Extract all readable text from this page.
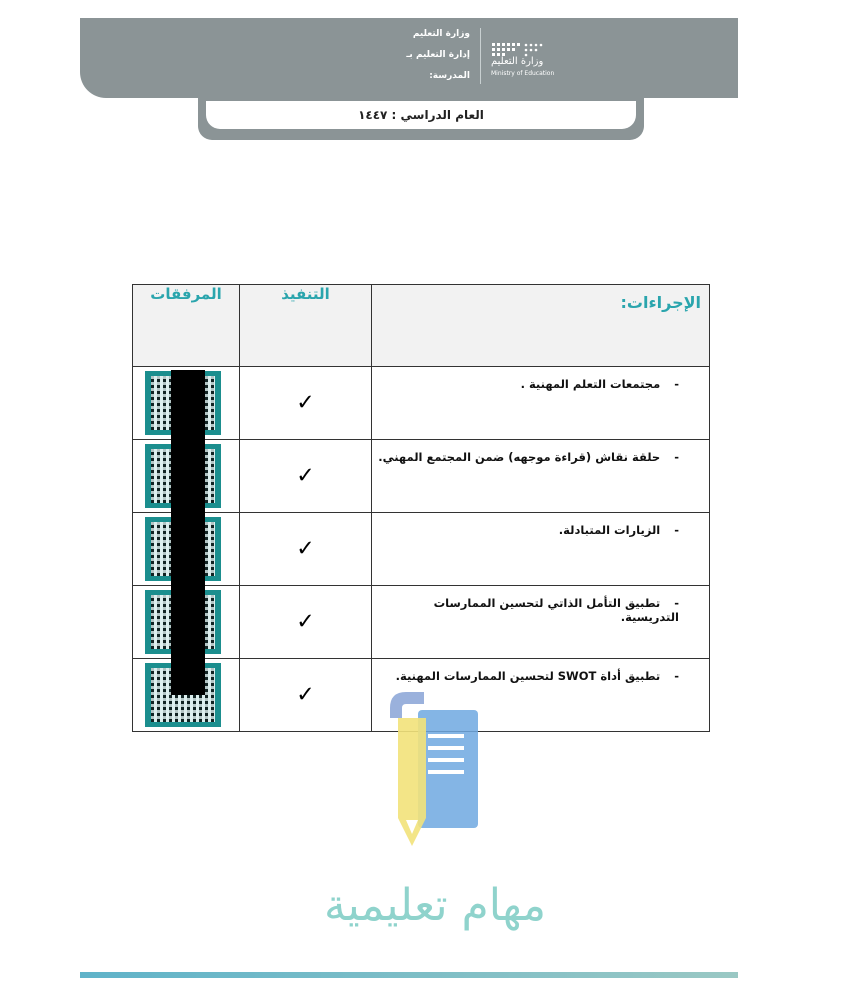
وزارة التعليم
إدارة التعليم بـ
المدرسة:
وزارة التعليم
Ministry of Education
العام الدراسي : ١٤٤٧
المرفقات	التنفيذ	الإجراءات:

	✓	-مجتمعات التعلم المهنية .

	✓	-حلقة نقاش (قراءة موجهه) ضمن المجتمع المهني.

	✓	-الزيارات المتبادلة.

	✓	-تطبيق التأمل الذاتي لتحسين الممارسات التدريسية.

	✓	-تطبيق أداة SWOT لتحسين الممارسات المهنية.
مهام تعليمية
